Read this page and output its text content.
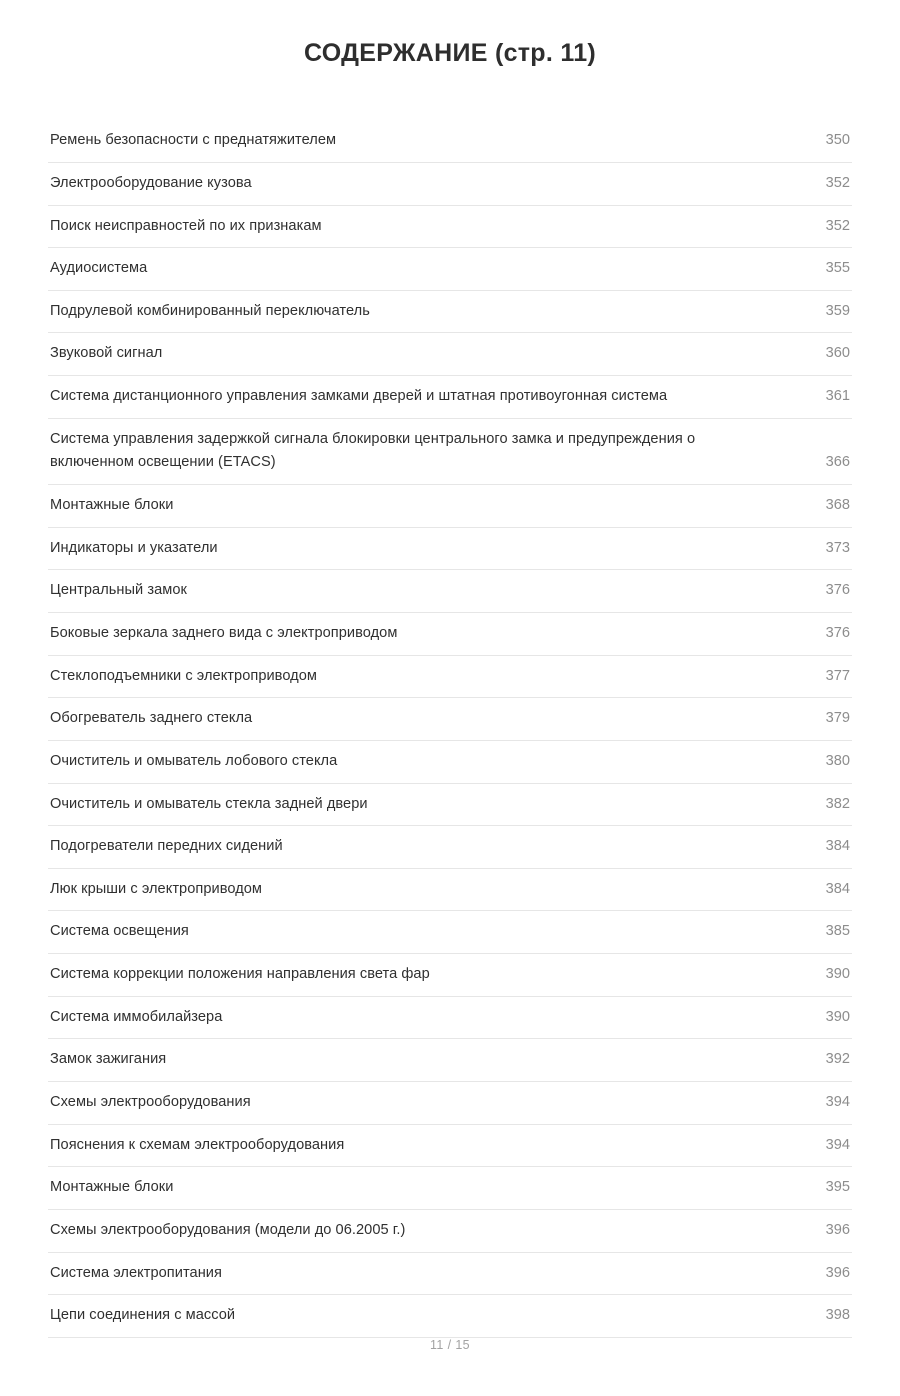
СОДЕРЖАНИЕ (стр. 11)
Ремень безопасности с преднатяжителем	350
Электрооборудование кузова	352
Поиск неисправностей по их признакам	352
Аудиосистема	355
Подрулевой комбинированный переключатель	359
Звуковой сигнал	360
Система дистанционного управления замками дверей и штатная противоугонная система	361
Система управления задержкой сигнала блокировки центрального замка и предупреждения о включенном освещении (ETACS)	366
Монтажные блоки	368
Индикаторы и указатели	373
Центральный замок	376
Боковые зеркала заднего вида с электроприводом	376
Стеклоподъемники с электроприводом	377
Обогреватель заднего стекла	379
Очиститель и омыватель лобового стекла	380
Очиститель и омыватель стекла задней двери	382
Подогреватели передних сидений	384
Люк крыши с электроприводом	384
Система освещения	385
Система коррекции положения направления света фар	390
Система иммобилайзера	390
Замок зажигания	392
Схемы электрооборудования	394
Пояснения к схемам электрооборудования	394
Монтажные блоки	395
Схемы электрооборудования (модели до 06.2005 г.)	396
Система электропитания	396
Цепи соединения с массой	398
11 / 15
